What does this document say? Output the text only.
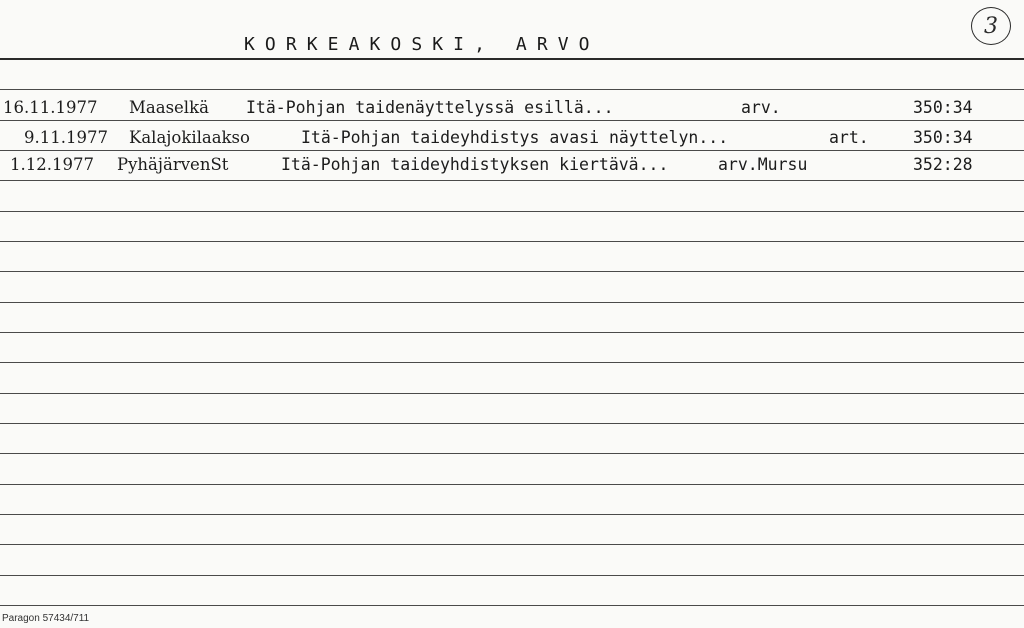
KORKEAKOSKI, ARVO
3
16.11.1977 Maaselkä Itä-Pohjan taidenäyttelyssä esillä...	arv.	350:34
9.11.1977 Kalajokilaakso	Itä-Pohjan taideyhdistys avasi näyttelyn...	art.	350:34
1.12.1977 PyhäjärvenSt	Itä-Pohjan taideyhdistyksen kiertävä...	arv.Mursu	352:28
Paragon 57434/711
